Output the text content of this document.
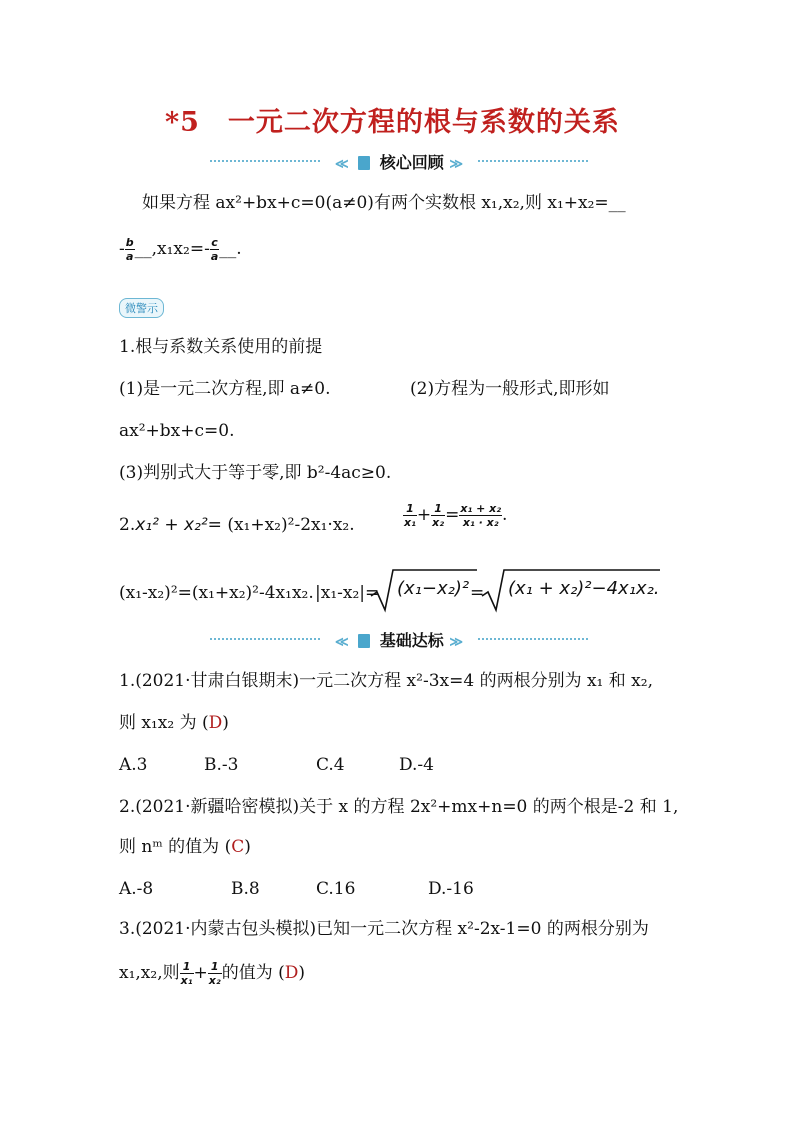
*5　一元二次方程的根与系数的关系
≪ 核心回顾 ≫
如果方程 ax²+bx+c=0(a≠0)有两个实数根 x₁,x₂,则 x₁+x₂=__
- $\frac{b}{a}$ __,x₁x₂=- $\frac{c}{a}$ __.
微警示
1.根与系数关系使用的前提
(1)是一元二次方程,即 a≠0.	(2)方程为一般形式,即形如
ax²+bx+c=0.
(3)判别式大于等于零,即 b²-4ac≥0.
2.x₁² + x₂²= (x₁+x₂)²-2x₁·x₂.	$\frac{1}{\text{x₁}} + \frac{1}{\text{x₂}} = \frac{\text{x₁ + x₂}}{\text{x₁ · x₂}}$ .
(x₁-x₂)²=(x₁+x₂)²-4x₁x₂. |x₁-x₂|= (x₁−x₂)² = (x₁ + x₂)²−4x₁x₂.
≪ 基础达标 ≫
1.(2021·甘肃白银期末)一元二次方程 x²-3x=4 的两根分别为 x₁ 和 x₂,
则 x₁x₂ 为 (D)
A.3	B.-3	C.4	D.-4
2.(2021·新疆哈密模拟)关于 x 的方程 2x²+mx+n=0 的两个根是-2 和 1,
则 nᵐ 的值为 (C)
A.-8	B.8	C.16	D.-16
3.(2021·内蒙古包头模拟)已知一元二次方程 x²-2x-1=0 的两根分别为
x₁,x₂,则 $\frac{1}{\text{x₁}} + \frac{1}{\text{x₂}}$ 的值为 (D)
